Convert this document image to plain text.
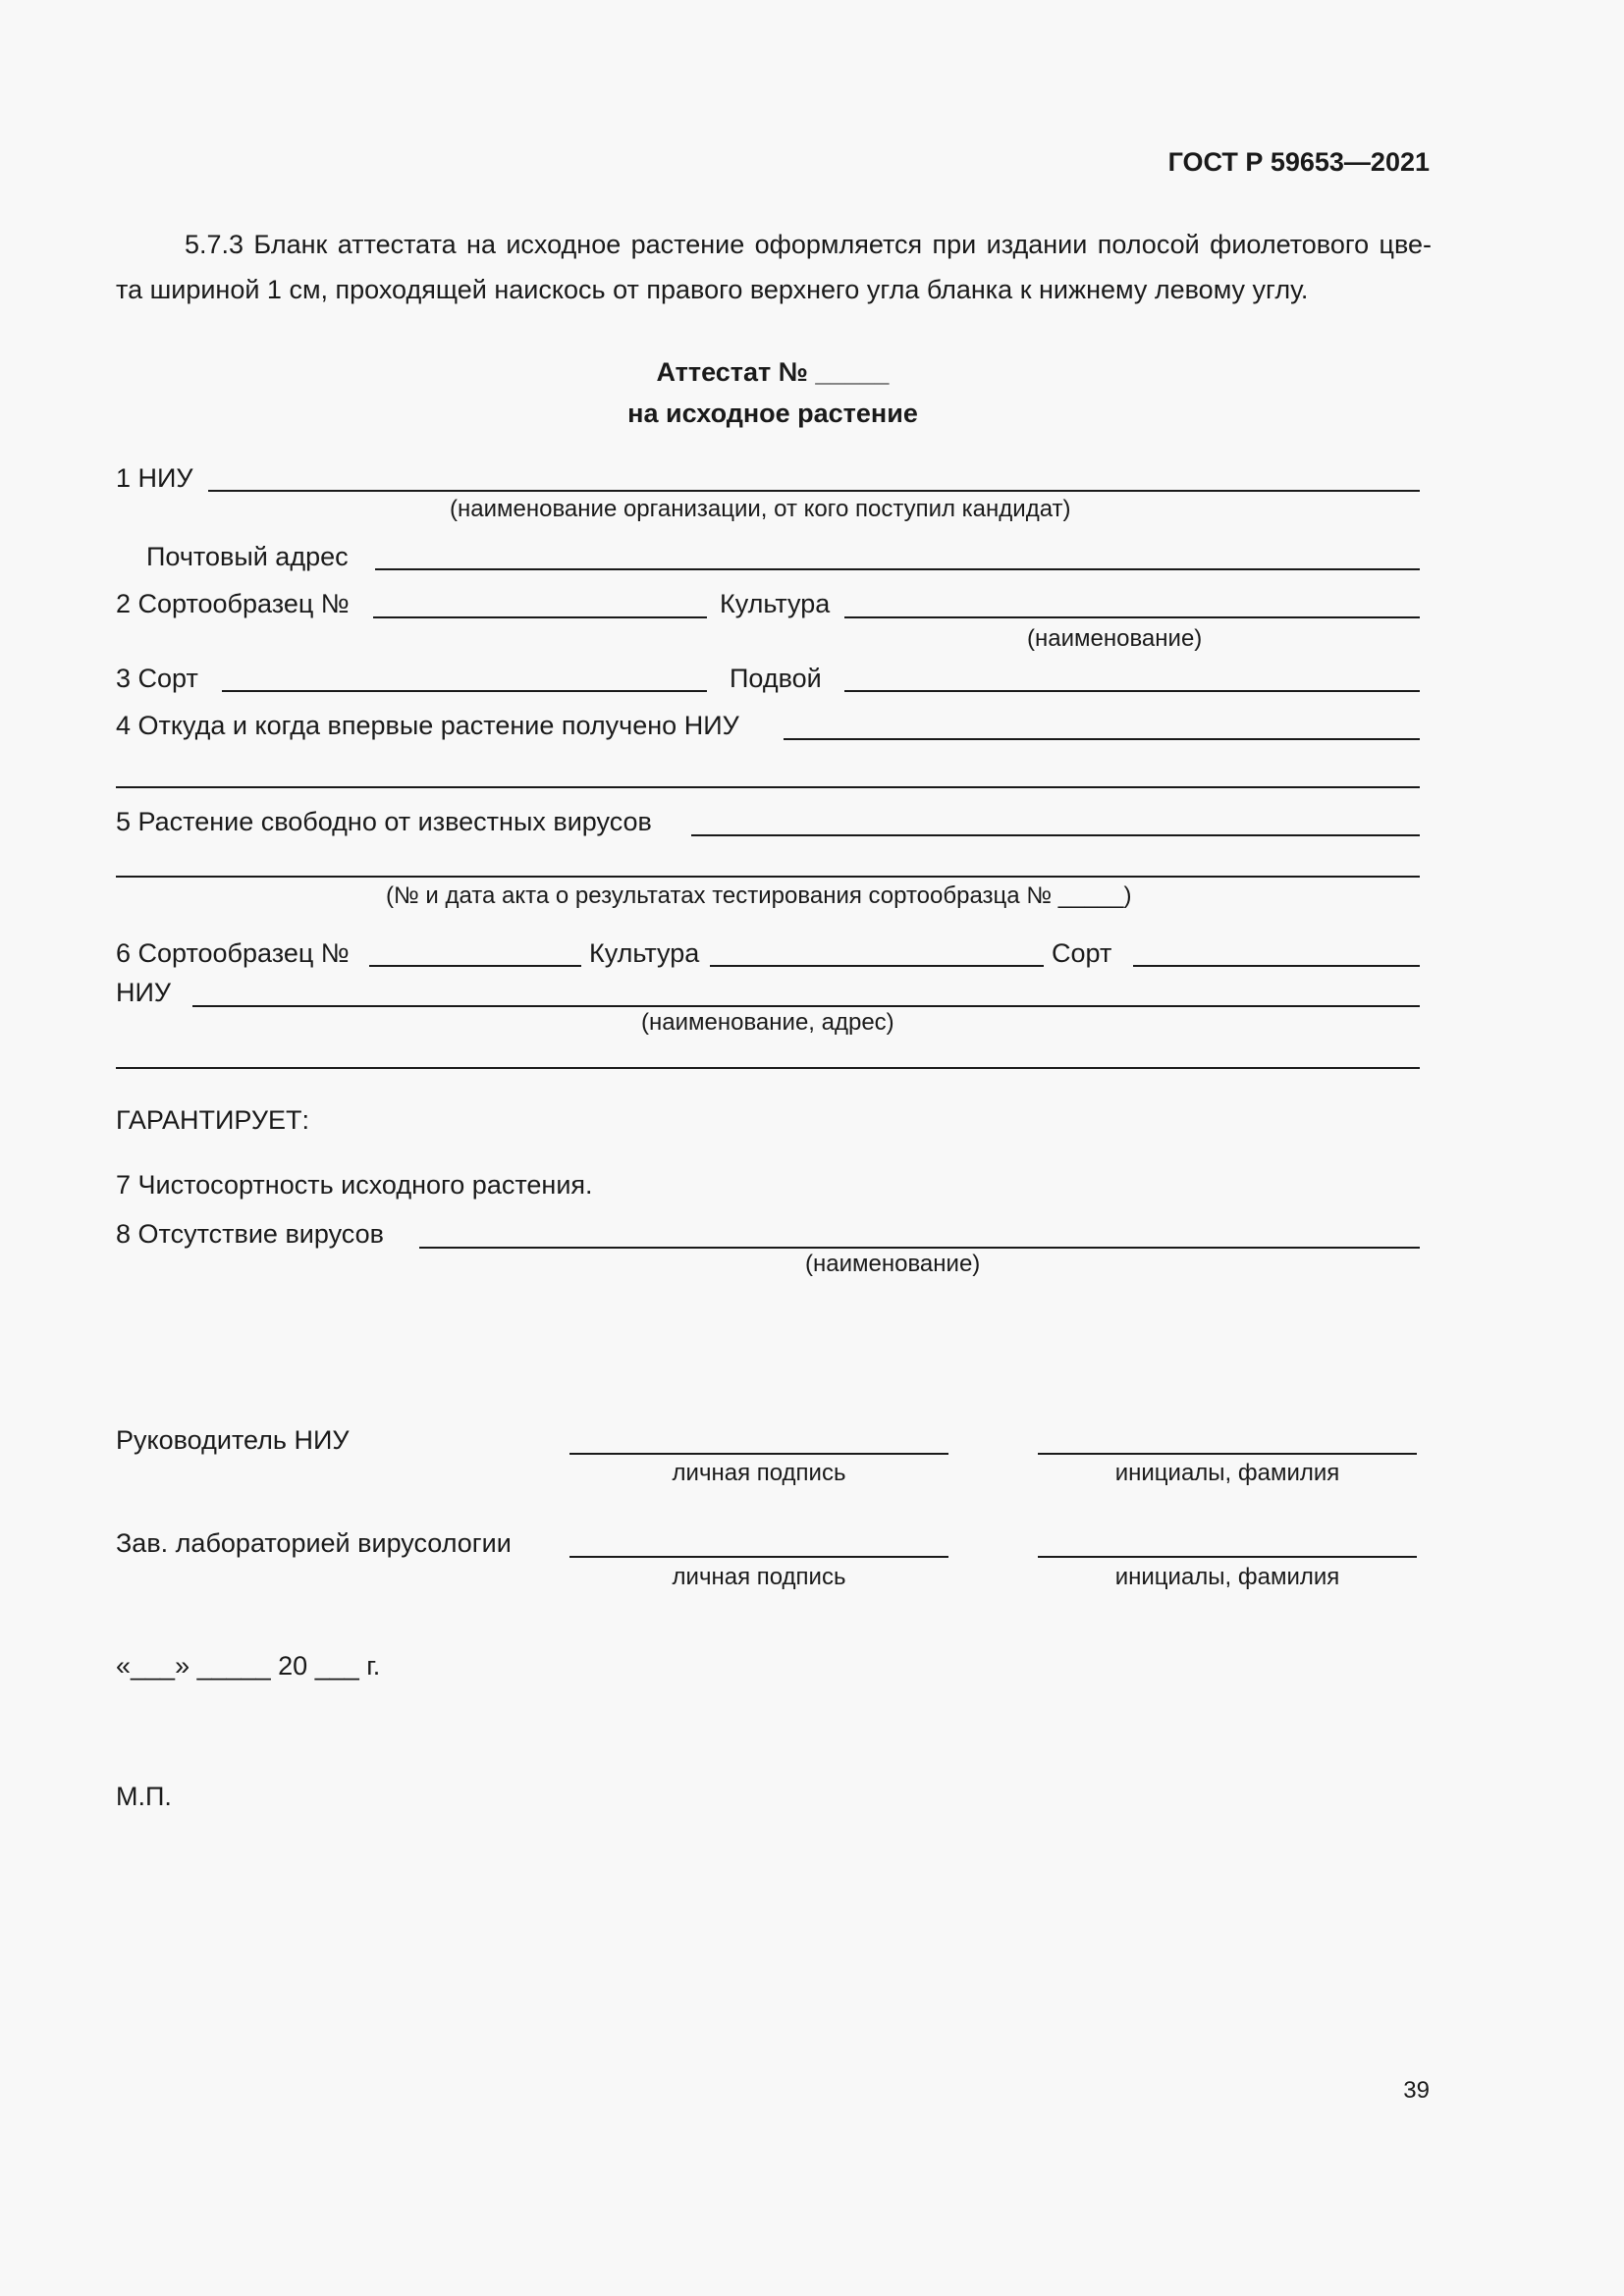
ГОСТ Р 59653—2021
5.7.3 Бланк аттестата на исходное растение оформляется при издании полосой фиолетового цве-
та шириной 1 см, проходящей наискось от правого верхнего угла бланка к нижнему левому углу.
Аттестат № _____
на исходное растение
1 НИУ
(наименование организации, от кого поступил кандидат)
Почтовый адрес
2 Сортообразец №	Культура
(наименование)
3 Сорт	Подвой
4 Откуда и когда впервые растение получено НИУ
5 Растение свободно от известных вирусов
(№ и дата акта о результатах тестирования сортообразца № _____)
6 Сортообразец №	Культура	Сорт
НИУ
(наименование, адрес)
ГАРАНТИРУЕТ:
7 Чистосортность исходного растения.
8 Отсутствие вирусов
(наименование)
Руководитель НИУ
личная подпись	инициалы, фамилия
Зав. лабораторией вирусологии
личная подпись	инициалы, фамилия
«___» _____ 20 ___ г.
М.П.
39
